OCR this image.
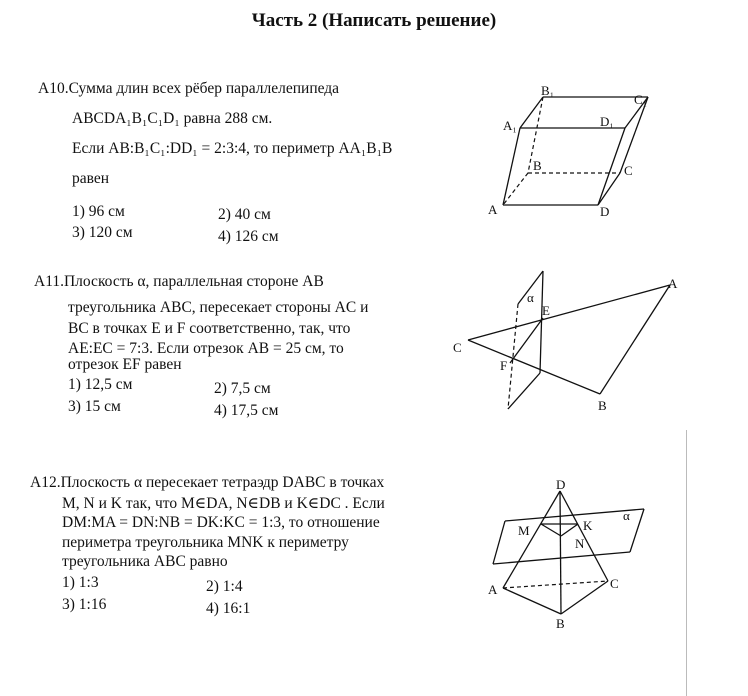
Часть 2 (Написать решение)
A10.Сумма длин всех рёбер параллелепипеда
ABCDA₁B₁C₁D₁ равна 288 см.
Если AB:B₁C₁:DD₁ = 2:3:4, то периметр AA₁B₁B
равен
1) 96 см	2) 40 см
3) 120 см	4) 126 см
B₁
C₁
A₁	D₁
B	C
A	D
A11.Плоскость α, параллельная стороне AB
треугольника ABC, пересекает стороны AC и
BC в точках E и F соответственно, так, что
AE:EC = 7:3. Если отрезок AB = 25 см, то
отрезок EF равен
1) 12,5 см	2) 7,5 см
3) 15 см	4) 17,5 см
α
A
E
C
F
B
A12.Плоскость α пересекает тетраэдр DABC в точках
M, N и K так, что M∈DA, N∈DB и K∈DC . Если
DM:MA = DN:NB = DK:KC = 1:3, то отношение
периметра треугольника MNK к периметру
треугольника ABC равно
1) 1:3	2) 1:4
3) 1:16	4) 16:1
D
M	K
α
N
A	C
B
